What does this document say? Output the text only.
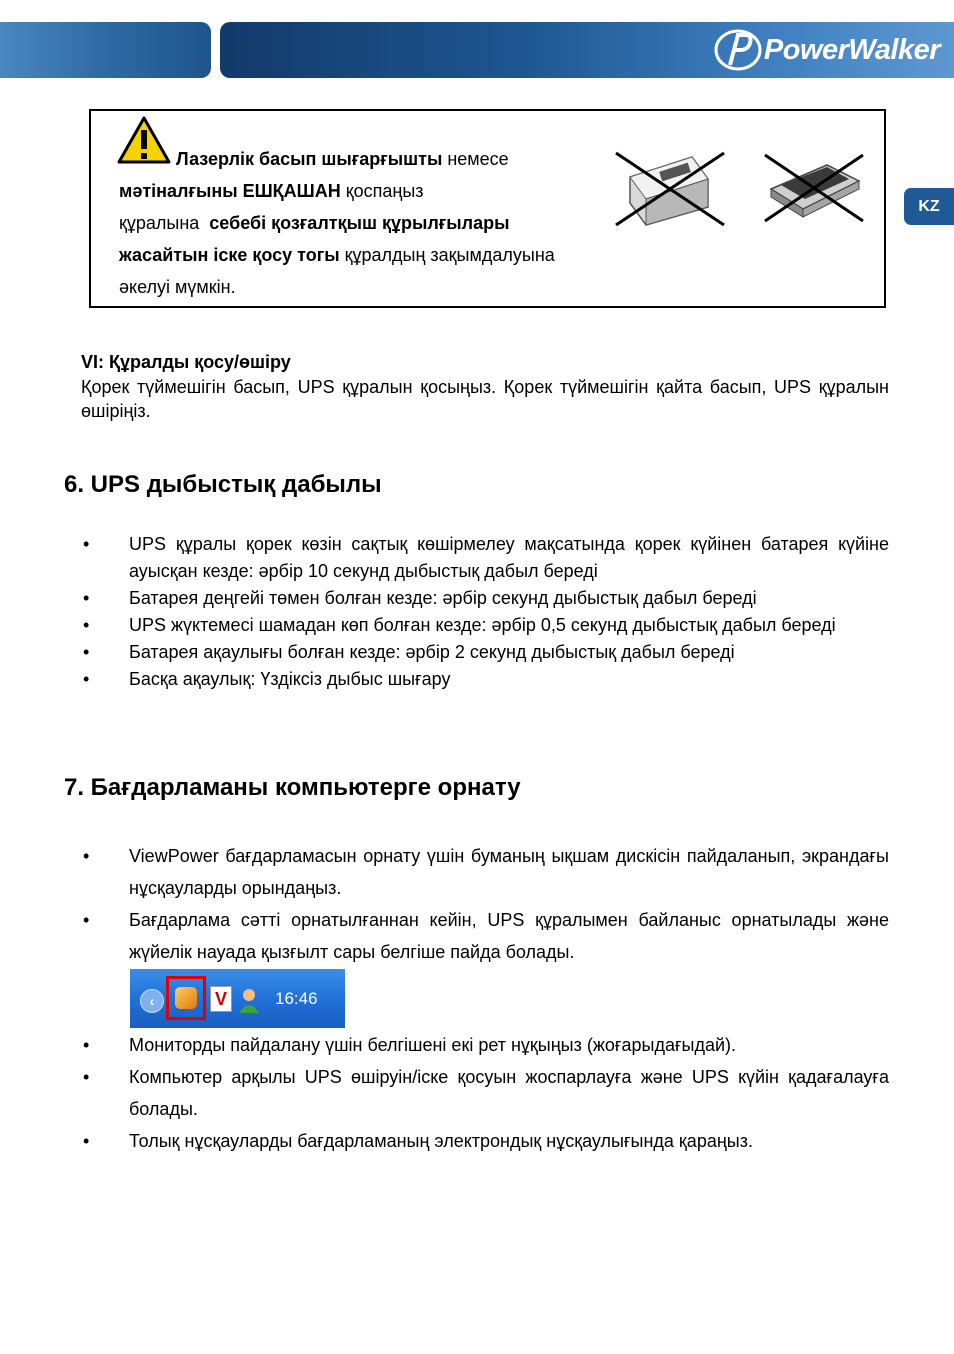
PowerWalker
KZ
Лазерлік басып шығарғышты немесе
мәтіналғыны ЕШҚАШАН қоспаңыз
құралына  себебі қозғалтқыш құрылғылары
жасайтын іске қосу тогы құралдың зақымдалуына
әкелуі мүмкін.
VI: Құралды қосу/өшіру
Қорек түймешігін басып, UPS құралын қосыңыз. Қорек түймешігін қайта басып, UPS құралын өшіріңіз.
6. UPS дыбыстық дабылы
• UPS құралы қорек көзін сақтық көшірмелеу мақсатында қорек күйінен батарея күйіне ауысқан кезде: әрбір 10 секунд дыбыстық дабыл береді
• Батарея деңгейі төмен болған кезде: әрбір секунд дыбыстық дабыл береді
• UPS жүктемесі шамадан көп болған кезде: әрбір 0,5 секунд дыбыстық дабыл береді
• Батарея ақаулығы болған кезде: әрбір 2 секунд дыбыстық дабыл береді
• Басқа ақаулық: Үздіксіз дыбыс шығару
7. Бағдарламаны компьютерге орнату
• ViewPower бағдарламасын орнату үшін буманың ықшам дискісін пайдаланып, экрандағы нұсқауларды орындаңыз.
• Бағдарлама сәтті орнатылғаннан кейін, UPS құралымен байланыс орнатылады және жүйелік науада қызғылт сары белгіше пайда болады.
‹	V	16:46
• Мониторды пайдалану үшін белгішені екі рет нұқыңыз (жоғарыдағыдай).
• Компьютер арқылы UPS өшіруін/іске қосуын жоспарлауға және UPS күйін қадағалауға болады.
• Толық нұсқауларды бағдарламаның электрондық нұсқаулығында қараңыз.
